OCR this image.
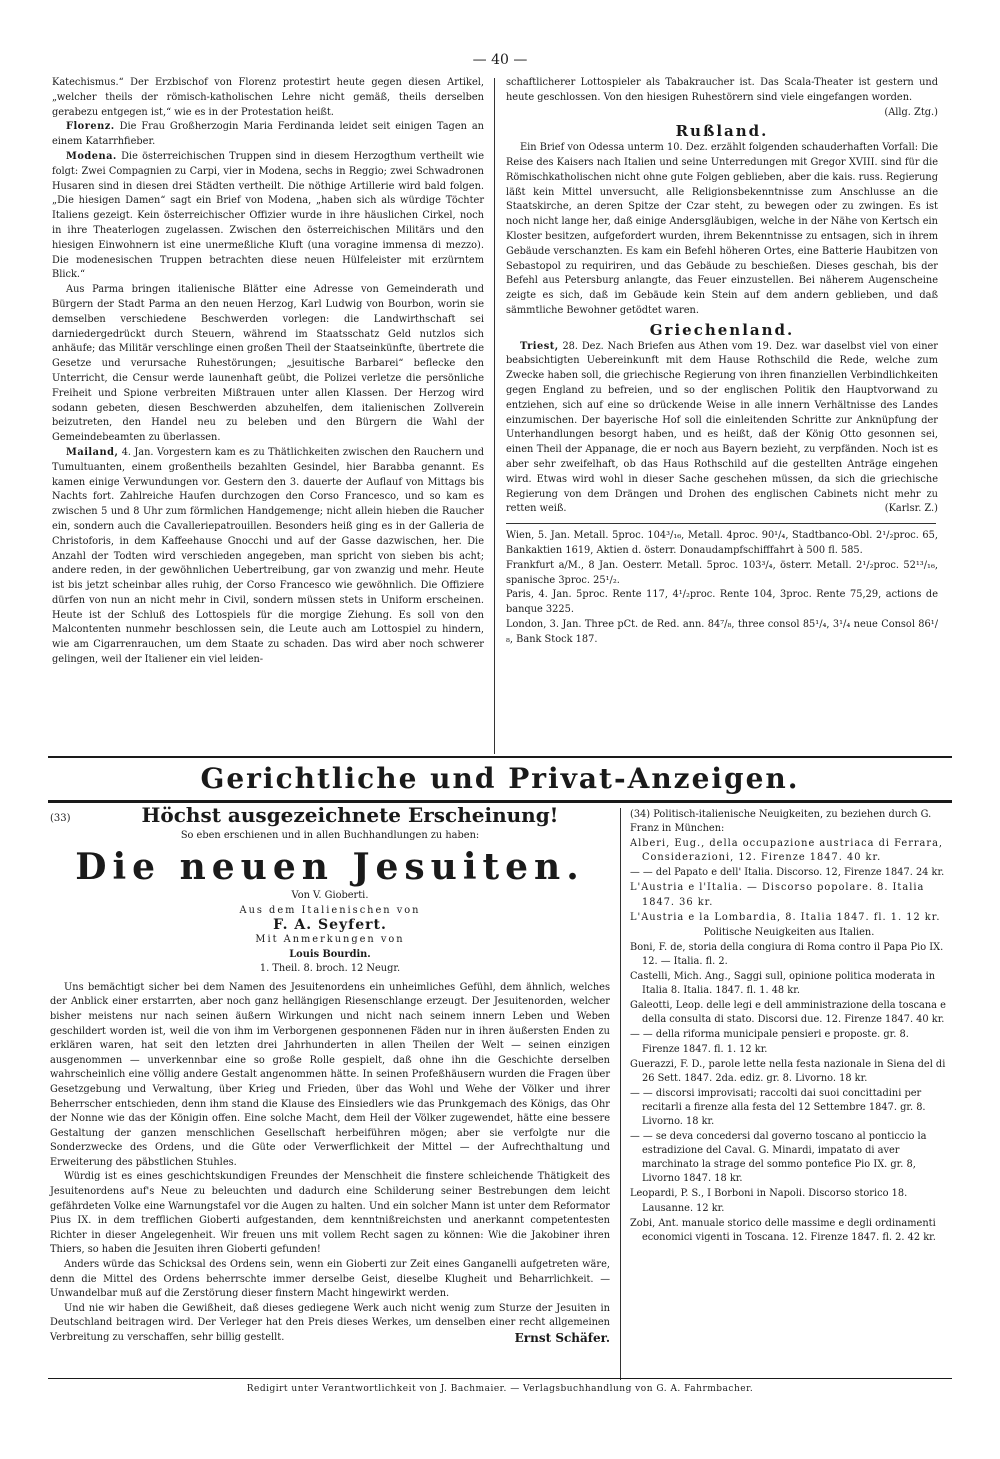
— 40 —

Katechismus.“ Der Erzbischof von Florenz protestirt heute gegen diesen Artikel, „welcher theils der römisch-katholischen Lehre nicht gemäß, theils derselben gerabezu entgegen ist,“ wie es in der Protestation heißt.

Florenz. Die Frau Großherzogin Maria Ferdinanda leidet seit einigen Tagen an einem Katarrhfieber.

Modena. Die österreichischen Truppen sind in diesem Herzogthum vertheilt wie folgt: Zwei Compagnien zu Carpi, vier in Modena, sechs in Reggio; zwei Schwadronen Husaren sind in diesen drei Städten vertheilt. Die nöthige Artillerie wird bald folgen. „Die hiesigen Damen“ sagt ein Brief von Modena, „haben sich als würdige Töchter Italiens gezeigt. Kein österreichischer Offizier wurde in ihre häuslichen Cirkel, noch in ihre Theaterlogen zugelassen. Zwischen den österreichischen Militärs und den hiesigen Einwohnern ist eine unermeßliche Kluft (una voragine immensa di mezzo). Die modenesischen Truppen betrachten diese neuen Hülfeleister mit erzürntem Blick.“

Aus Parma bringen italienische Blätter eine Adresse von Gemeinderath und Bürgern der Stadt Parma an den neuen Herzog, Karl Ludwig von Bourbon, worin sie demselben verschiedene Beschwerden vorlegen: die Landwirthschaft sei darniedergedrückt durch Steuern, während im Staatsschatz Geld nutzlos sich anhäufe; das Militär verschlinge einen großen Theil der Staatseinkünfte, übertrete die Gesetze und verursache Ruhestörungen; „jesuitische Barbarei“ beflecke den Unterricht, die Censur werde launenhaft geübt, die Polizei verletze die persönliche Freiheit und Spione verbreiten Mißtrauen unter allen Klassen. Der Herzog wird sodann gebeten, diesen Beschwerden abzuhelfen, dem italienischen Zollverein beizutreten, den Handel neu zu beleben und den Bürgern die Wahl der Gemeindebeamten zu überlassen.

Mailand, 4. Jan. Vorgestern kam es zu Thätlichkeiten zwischen den Rauchern und Tumultuanten, einem großentheils bezahlten Gesindel, hier Barabba genannt. Es kamen einige Verwundungen vor. Gestern den 3. dauerte der Auflauf von Mittags bis Nachts fort. Zahlreiche Haufen durchzogen den Corso Francesco, und so kam es zwischen 5 und 8 Uhr zum förmlichen Handgemenge; nicht allein hieben die Raucher ein, sondern auch die Cavalleriepatrouillen. Besonders heiß ging es in der Galleria de Christoforis, in dem Kaffeehause Gnocchi und auf der Gasse dazwischen, her. Die Anzahl der Todten wird verschieden angegeben, man spricht von sieben bis acht; andere reden, in der gewöhnlichen Uebertreibung, gar von zwanzig und mehr. Heute ist bis jetzt scheinbar alles ruhig, der Corso Francesco wie gewöhnlich. Die Offiziere dürfen von nun an nicht mehr in Civil, sondern müssen stets in Uniform erscheinen. Heute ist der Schluß des Lottospiels für die morgige Ziehung. Es soll von den Malcontenten nunmehr beschlossen sein, die Leute auch am Lottospiel zu hindern, wie am Cigarrenrauchen, um dem Staate zu schaden. Das wird aber noch schwerer gelingen, weil der Italiener ein viel leiden-

schaftlicherer Lottospieler als Tabakraucher ist. Das Scala-Theater ist gestern und heute geschlossen. Von den hiesigen Ruhestörern sind viele eingefangen worden.
(Allg. Ztg.)

Rußland.

Ein Brief von Odessa unterm 10. Dez. erzählt folgenden schauderhaften Vorfall: Die Reise des Kaisers nach Italien und seine Unterredungen mit Gregor XVIII. sind für die Römischkatholischen nicht ohne gute Folgen geblieben, aber die kais. russ. Regierung läßt kein Mittel unversucht, alle Religionsbekenntnisse zum Anschlusse an die Staatskirche, an deren Spitze der Czar steht, zu bewegen oder zu zwingen. Es ist noch nicht lange her, daß einige Andersgläubigen, welche in der Nähe von Kertsch ein Kloster besitzen, aufgefordert wurden, ihrem Bekenntnisse zu entsagen, sich in ihrem Gebäude verschanzten. Es kam ein Befehl höheren Ortes, eine Batterie Haubitzen von Sebastopol zu requiriren, und das Gebäude zu beschießen. Dieses geschah, bis der Befehl aus Petersburg anlangte, das Feuer einzustellen. Bei näherem Augenscheine zeigte es sich, daß im Gebäude kein Stein auf dem andern geblieben, und daß sämmtliche Bewohner getödtet waren.

Griechenland.

Triest, 28. Dez. Nach Briefen aus Athen vom 19. Dez. war daselbst viel von einer beabsichtigten Uebereinkunft mit dem Hause Rothschild die Rede, welche zum Zwecke haben soll, die griechische Regierung von ihren finanziellen Verbindlichkeiten gegen England zu befreien, und so der englischen Politik den Hauptvorwand zu entziehen, sich auf eine so drückende Weise in alle innern Verhältnisse des Landes einzumischen. Der bayerische Hof soll die einleitenden Schritte zur Anknüpfung der Unterhandlungen besorgt haben, und es heißt, daß der König Otto gesonnen sei, einen Theil der Appanage, die er noch aus Bayern bezieht, zu verpfänden. Noch ist es aber sehr zweifelhaft, ob das Haus Rothschild auf die gestellten Anträge eingehen wird. Etwas wird wohl in dieser Sache geschehen müssen, da sich die griechische Regierung von dem Drängen und Drohen des englischen Cabinets nicht mehr zu retten weiß.	(Karlsr. Z.)

Wien, 5. Jan. Metall. 5proc. 104³/₁₆, Metall. 4proc. 90¹/₄, Stadtbanco-Obl. 2¹/₂proc. 65, Bankaktien 1619, Aktien d. österr. Donaudampfschifffahrt à 500 fl. 585.

Frankfurt a/M., 8 Jan. Oesterr. Metall. 5proc. 103³/₄, österr. Metall. 2¹/₂proc. 52¹³/₁₆, spanische 3proc. 25¹/₂.

Paris, 4. Jan. 5proc. Rente 117, 4¹/₂proc. Rente 104, 3proc. Rente 75,29, actions de banque 3225.

London, 3. Jan. Three pCt. de Red. ann. 84⁷/₈, three consol 85¹/₄, 3¹/₄ neue Consol 86¹/₈, Bank Stock 187.

Gerichtliche und Privat-Anzeigen.
(33)	Höchst ausgezeichnete Erscheinung!

So eben erschienen und in allen Buchhandlungen zu haben:

Die neuen Jesuiten.

Von V. Gioberti.

Aus dem Italienischen von

F. A. Seyfert.

Mit Anmerkungen von

Louis Bourdin.

1. Theil. 8. broch. 12 Neugr.

Uns bemächtigt sicher bei dem Namen des Jesuitenordens ein unheimliches Gefühl, dem ähnlich, welches der Anblick einer erstarrten, aber noch ganz hellängigen Riesenschlange erzeugt. Der Jesuitenorden, welcher bisher meistens nur nach seinen äußern Wirkungen und nicht nach seinem innern Leben und Weben geschildert worden ist, weil die von ihm im Verborgenen gesponnenen Fäden nur in ihren äußersten Enden zu erklären waren, hat seit den letzten drei Jahrhunderten in allen Theilen der Welt — seinen einzigen ausgenommen — unverkennbar eine so große Rolle gespielt, daß ohne ihn die Geschichte derselben wahrscheinlich eine völlig andere Gestalt angenommen hätte. In seinen Profeßhäusern wurden die Fragen über Gesetzgebung und Verwaltung, über Krieg und Frieden, über das Wohl und Wehe der Völker und ihrer Beherrscher entschieden, denn ihm stand die Klause des Einsiedlers wie das Prunkgemach des Königs, das Ohr der Nonne wie das der Königin offen. Eine solche Macht, dem Heil der Völker zugewendet, hätte eine bessere Gestaltung der ganzen menschlichen Gesellschaft herbeiführen mögen; aber sie verfolgte nur die Sonderzwecke des Ordens, und die Güte oder Verwerflichkeit der Mittel — der Aufrechthaltung und Erweiterung des päbstlichen Stuhles.

Würdig ist es eines geschichtskundigen Freundes der Menschheit die finstere schleichende Thätigkeit des Jesuitenordens auf's Neue zu beleuchten und dadurch eine Schilderung seiner Bestrebungen dem leicht gefährdeten Volke eine Warnungstafel vor die Augen zu halten. Und ein solcher Mann ist unter dem Reformator Pius IX. in dem trefflichen Gioberti aufgestanden, dem kenntnißreichsten und anerkannt competentesten Richter in dieser Angelegenheit. Wir freuen uns mit vollem Recht sagen zu können: Wie die Jakobiner ihren Thiers, so haben die Jesuiten ihren Gioberti gefunden!

Anders würde das Schicksal des Ordens sein, wenn ein Gioberti zur Zeit eines Ganganelli aufgetreten wäre, denn die Mittel des Ordens beherrschte immer derselbe Geist, dieselbe Klugheit und Beharrlichkeit. — Unwandelbar muß auf die Zerstörung dieser finstern Macht hingewirkt werden.

Und nie wir haben die Gewißheit, daß dieses gediegene Werk auch nicht wenig zum Sturze der Jesuiten in Deutschland beitragen wird. Der Verleger hat den Preis dieses Werkes, um denselben einer recht allgemeinen Verbreitung zu verschaffen, sehr billig gestellt.	Ernst Schäfer.

(34) Politisch-italienische Neuigkeiten, zu beziehen durch G. Franz in München:

Alberi, Eug., della occupazione austriaca di Ferrara, Considerazioni, 12. Firenze 1847. 40 kr.

— — del Papato e dell' Italia. Discorso. 12, Firenze 1847. 24 kr.

L'Austria e l'Italia. — Discorso popolare. 8. Italia 1847. 36 kr.

L'Austria e la Lombardia, 8. Italia 1847. fl. 1. 12 kr.

Politische Neuigkeiten aus Italien.

Boni, F. de, storia della congiura di Roma contro il Papa Pio IX. 12. — Italia. fl. 2.

Castelli, Mich. Ang., Saggi sull, opinione politica moderata in Italia 8. Italia. 1847. fl. 1. 48 kr.

Galeotti, Leop. delle legi e dell amministrazione della toscana e della consulta di stato. Discorsi due. 12. Firenze 1847. 40 kr.

— — della riforma municipale pensieri e proposte. gr. 8. Firenze 1847. fl. 1. 12 kr.

Guerazzi, F. D., parole lette nella festa nazionale in Siena del di 26 Sett. 1847. 2da. ediz. gr. 8. Livorno. 18 kr.

— — discorsi improvisati; raccolti dai suoi concittadini per recitarli a firenze alla festa del 12 Settembre 1847. gr. 8. Livorno. 18 kr.

— — se deva concedersi dal governo toscano al ponticcio la estradizione del Caval. G. Minardi, impatato di aver marchinato la strage del sommo pontefice Pio IX. gr. 8, Livorno 1847. 18 kr.

Leopardi, P. S., I Borboni in Napoli. Discorso storico 18. Lausanne. 12 kr.

Zobi, Ant. manuale storico delle massime e degli ordinamenti economici vigenti in Toscana. 12. Firenze 1847. fl. 2. 42 kr.

Redigirt unter Verantwortlichkeit von J. Bachmaier. — Verlagsbuchhandlung von G. A. Fahrmbacher.
